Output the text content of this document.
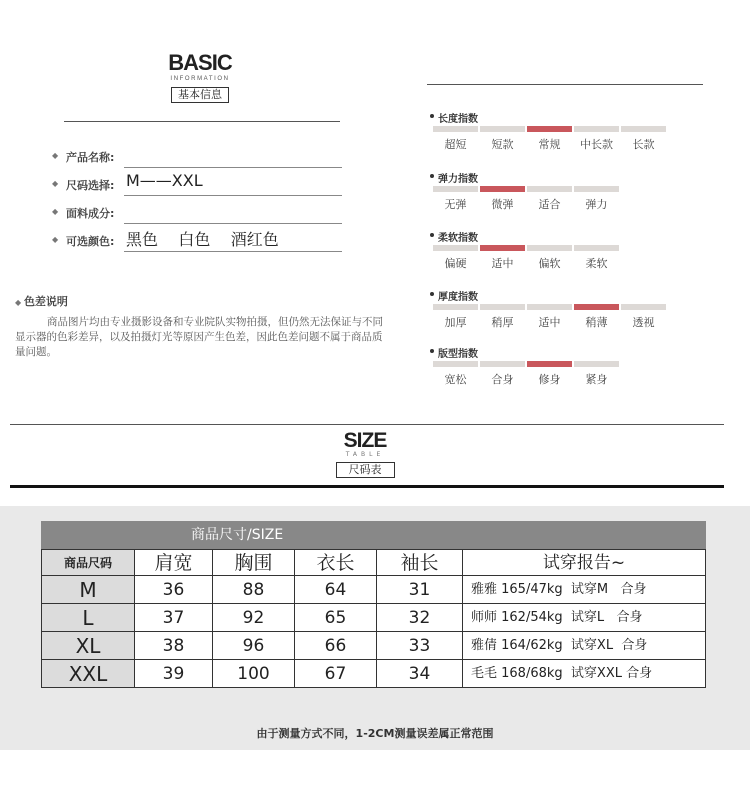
BASIC
INFORMATION
基本信息
◆ 产品名称:
◆ 尺码选择: M——XXL
◆ 面料成分:
◆ 可选颜色: 黑色    白色    酒红色
◆ 色差说明
商品图片均由专业摄影设备和专业院队实物拍摄，但仍然无法保证与不同显示器的色彩差异，以及拍摄灯光等原因产生色差，因此色差问题不属于商品质量问题。
长度指数
超短	短款	常规	中长款	长款
弹力指数
无弹	微弹	适合	弹力
柔软指数
偏硬	适中	偏软	柔软
厚度指数
加厚	稍厚	适中	稍薄	透视
版型指数
宽松	合身	修身	紧身
SIZE
TABLE
尺码表
商品尺寸/SIZE
商品尺码	肩宽	胸围	衣长	袖长	试穿报告~
M	36	88	64	31	雅雅 165/47kg  试穿M   合身
L	37	92	65	32	师师 162/54kg  试穿L   合身
XL	38	96	66	33	雅倩 164/62kg  试穿XL  合身
XXL	39	100	67	34	毛毛 168/68kg  试穿XXL 合身
由于测量方式不同，1-2CM测量误差属正常范围
